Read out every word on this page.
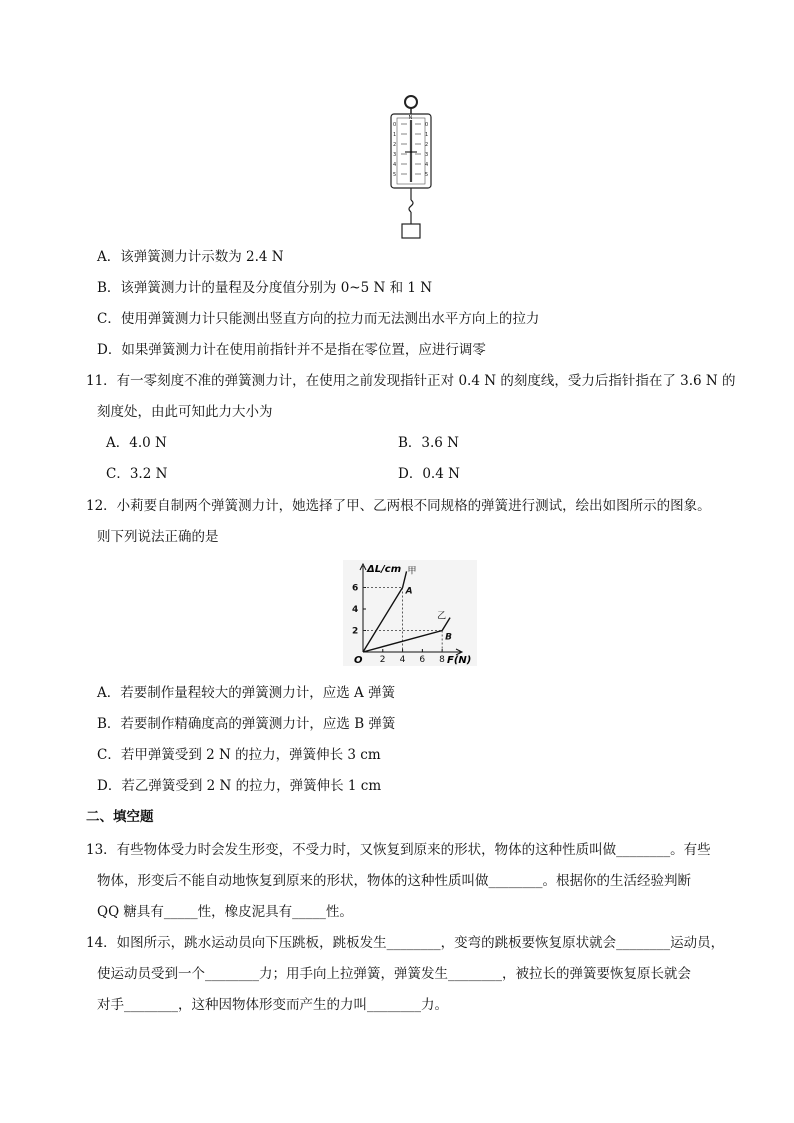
0
1
2
3
4
5
0
1
2
3
4
5
N
A．该弹簧测力计示数为 2.4 N
B．该弹簧测力计的量程及分度值分别为 0~5 N 和 1 N
C．使用弹簧测力计只能测出竖直方向的拉力而无法测出水平方向上的拉力
D．如果弹簧测力计在使用前指针并不是指在零位置，应进行调零
11．有一零刻度不准的弹簧测力计，在使用之前发现指针正对 0.4 N 的刻度线，受力后指针指在了 3.6 N 的
刻度处，由此可知此力大小为
A．4.0 N	B．3.6 N
C．3.2 N	D．0.4 N
12．小莉要自制两个弹簧测力计，她选择了甲、乙两根不同规格的弹簧进行测试，绘出如图所示的图象。
则下列说法正确的是
ΔL/cm
F(N)
O 2 4 6 8
2
4
6	A
甲
B
乙
A．若要制作量程较大的弹簧测力计，应选 A 弹簧
B．若要制作精确度高的弹簧测力计，应选 B 弹簧
C．若甲弹簧受到 2 N 的拉力，弹簧伸长 3 cm
D．若乙弹簧受到 2 N 的拉力，弹簧伸长 1 cm
二、填空题
13．有些物体受力时会发生形变，不受力时，又恢复到原来的形状，物体的这种性质叫做________。有些
物体，形变后不能自动地恢复到原来的形状，物体的这种性质叫做________。根据你的生活经验判断
QQ 糖具有_____性，橡皮泥具有_____性。
14．如图所示，跳水运动员向下压跳板，跳板发生________，变弯的跳板要恢复原状就会________运动员，
使运动员受到一个________力；用手向上拉弹簧，弹簧发生________，被拉长的弹簧要恢复原长就会
对手________，这种因物体形变而产生的力叫________力。
